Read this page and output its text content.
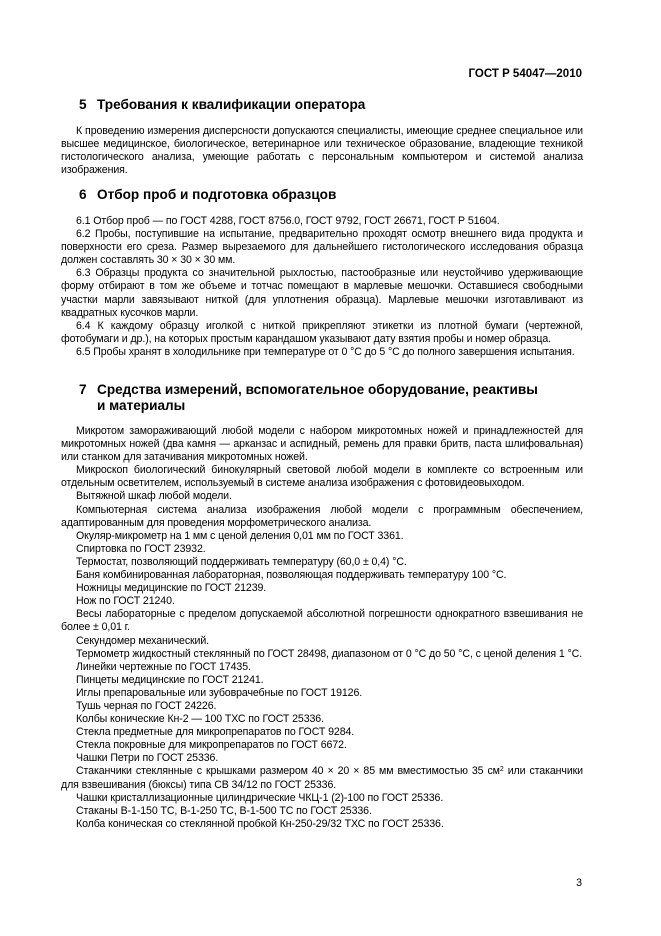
ГОСТ Р 54047—2010
5 Требования к квалификации оператора

К проведению измерения дисперсности допускаются специалисты, имеющие среднее специальное или высшее медицинское, биологическое, ветеринарное или техническое образование, владеющие техникой гистологического анализа, умеющие работать с персональным компьютером и системой анализа изображения.

6 Отбор проб и подготовка образцов

6.1 Отбор проб — по ГОСТ 4288, ГОСТ 8756.0, ГОСТ 9792, ГОСТ 26671, ГОСТ Р 51604.

6.2 Пробы, поступившие на испытание, предварительно проходят осмотр внешнего вида продукта и поверхности его среза. Размер вырезаемого для дальнейшего гистологического исследования образца должен составлять 30 × 30 × 30 мм.

6.3 Образцы продукта со значительной рыхлостью, пастообразные или неустойчиво удерживающие форму отбирают в том же объеме и тотчас помещают в марлевые мешочки. Оставшиеся свободными участки марли завязывают ниткой (для уплотнения образца). Марлевые мешочки изготавливают из квадратных кусочков марли.

6.4 К каждому образцу иголкой с ниткой прикрепляют этикетки из плотной бумаги (чертежной, фотобумаги и др.), на которых простым карандашом указывают дату взятия пробы и номер образца.

6.5 Пробы хранят в холодильнике при температуре от 0 °С до 5 °С до полного завершения испытания.

7 Средства измерений, вспомогательное оборудование, реактивы
и материалы

Микротом замораживающий любой модели с набором микротомных ножей и принадлежностей для микротомных ножей (два камня — арканзас и аспидный, ремень для правки бритв, паста шлифовальная) или станком для затачивания микротомных ножей.

Микроскоп биологический бинокулярный световой любой модели в комплекте со встроенным или отдельным осветителем, используемый в системе анализа изображения с фотовидеовыходом.

Вытяжной шкаф любой модели.

Компьютерная система анализа изображения любой модели с программным обеспечением, адаптированным для проведения морфометрического анализа.

Окуляр-микрометр на 1 мм с ценой деления 0,01 мм по ГОСТ 3361.

Спиртовка по ГОСТ 23932.

Термостат, позволяющий поддерживать температуру (60,0 ± 0,4) °С.

Баня комбинированная лабораторная, позволяющая поддерживать температуру 100 °С.

Ножницы медицинские по ГОСТ 21239.

Нож по ГОСТ 21240.

Весы лабораторные с пределом допускаемой абсолютной погрешности однократного взвешивания не более ± 0,01 г.

Секундомер механический.

Термометр жидкостный стеклянный по ГОСТ 28498, диапазоном от 0 °С до 50 °С, с ценой деления 1 °С.

Линейки чертежные по ГОСТ 17435.

Пинцеты медицинские по ГОСТ 21241.

Иглы препаровальные или зубоврачебные по ГОСТ 19126.

Тушь черная по ГОСТ 24226.

Колбы конические Кн-2 — 100 ТХС по ГОСТ 25336.

Стекла предметные для микропрепаратов по ГОСТ 9284.

Стекла покровные для микропрепаратов по ГОСТ 6672.

Чашки Петри по ГОСТ 25336.

Стаканчики стеклянные с крышками размером 40 × 20 × 85 мм вместимостью 35 $см^2$ или стаканчики для взвешивания (бюксы) типа СВ 34/12 по ГОСТ 25336.

Чашки кристаллизационные цилиндрические ЧКЦ-1 (2)-100 по ГОСТ 25336.

Стаканы В-1-150 ТС, В-1-250 ТС, В-1-500 ТС по ГОСТ 25336.

Колба коническая со стеклянной пробкой Кн-250-29/32 ТХС по ГОСТ 25336.

3
